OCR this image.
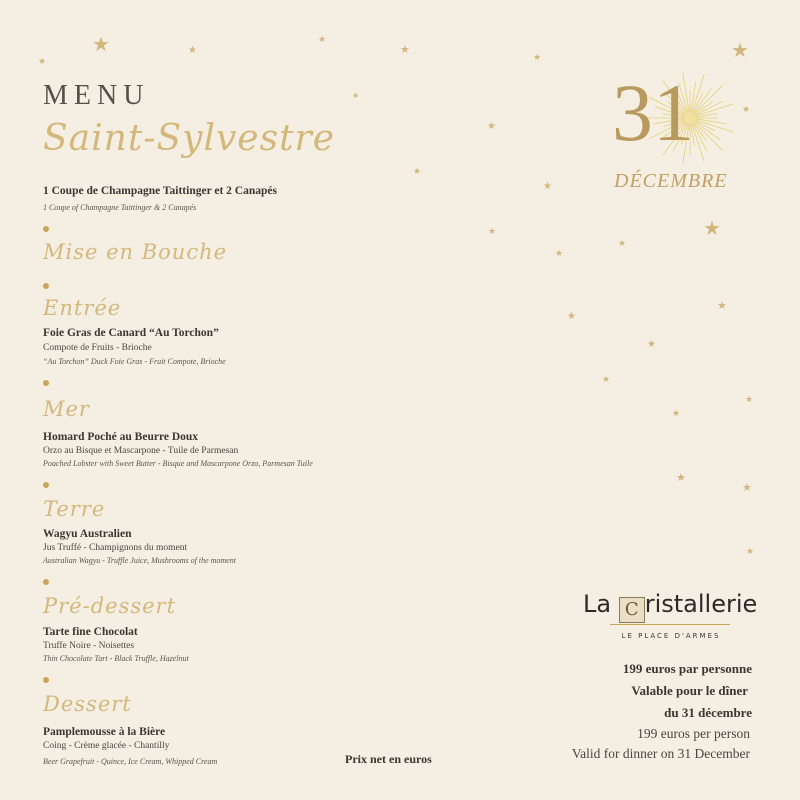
★	★
★
★
★
★
★	★
★
★
★
★
★	★
★
★
★
★
★
★
★
★
★
★
★
MENU
Saint-Sylvestre
1 Coupe de Champagne Taittinger et 2 Canapés
1 Coupe of Champagne Taittinger & 2 Canapés
Mise en Bouche
Entrée
Foie Gras de Canard “Au Torchon”
Compote de Fruits - Brioche
“Au Torchon” Duck Foie Gras - Fruit Compote, Brioche
Mer
Homard Poché au Beurre Doux
Orzo au Bisque et Mascarpone - Tuile de Parmesan
Poached Lobster with Sweet Butter - Bisque and Mascarpone Orzo, Parmesan Tuile
Terre
Wagyu Australien
Jus Truffé - Champignons du moment
Australian Wagyu - Truffle Juice, Mushrooms of the moment
Pré-dessert
Tarte fine Chocolat
Truffe Noire - Noisettes
Thin Chocolate Tart - Black Truffle, Hazelnut
Dessert
Pamplemousse à la Bière
Coing - Crème glacée - Chantilly
Beer Grapefruit - Quince, Ice Cream, Whipped Cream	Prix net en euros
31
DÉCEMBRE
La C ristallerie
LE PLACE D'ARMES
199 euros par personne
Valable pour le dîner
du 31 décembre
199 euros per person
Valid for dinner on 31 December
